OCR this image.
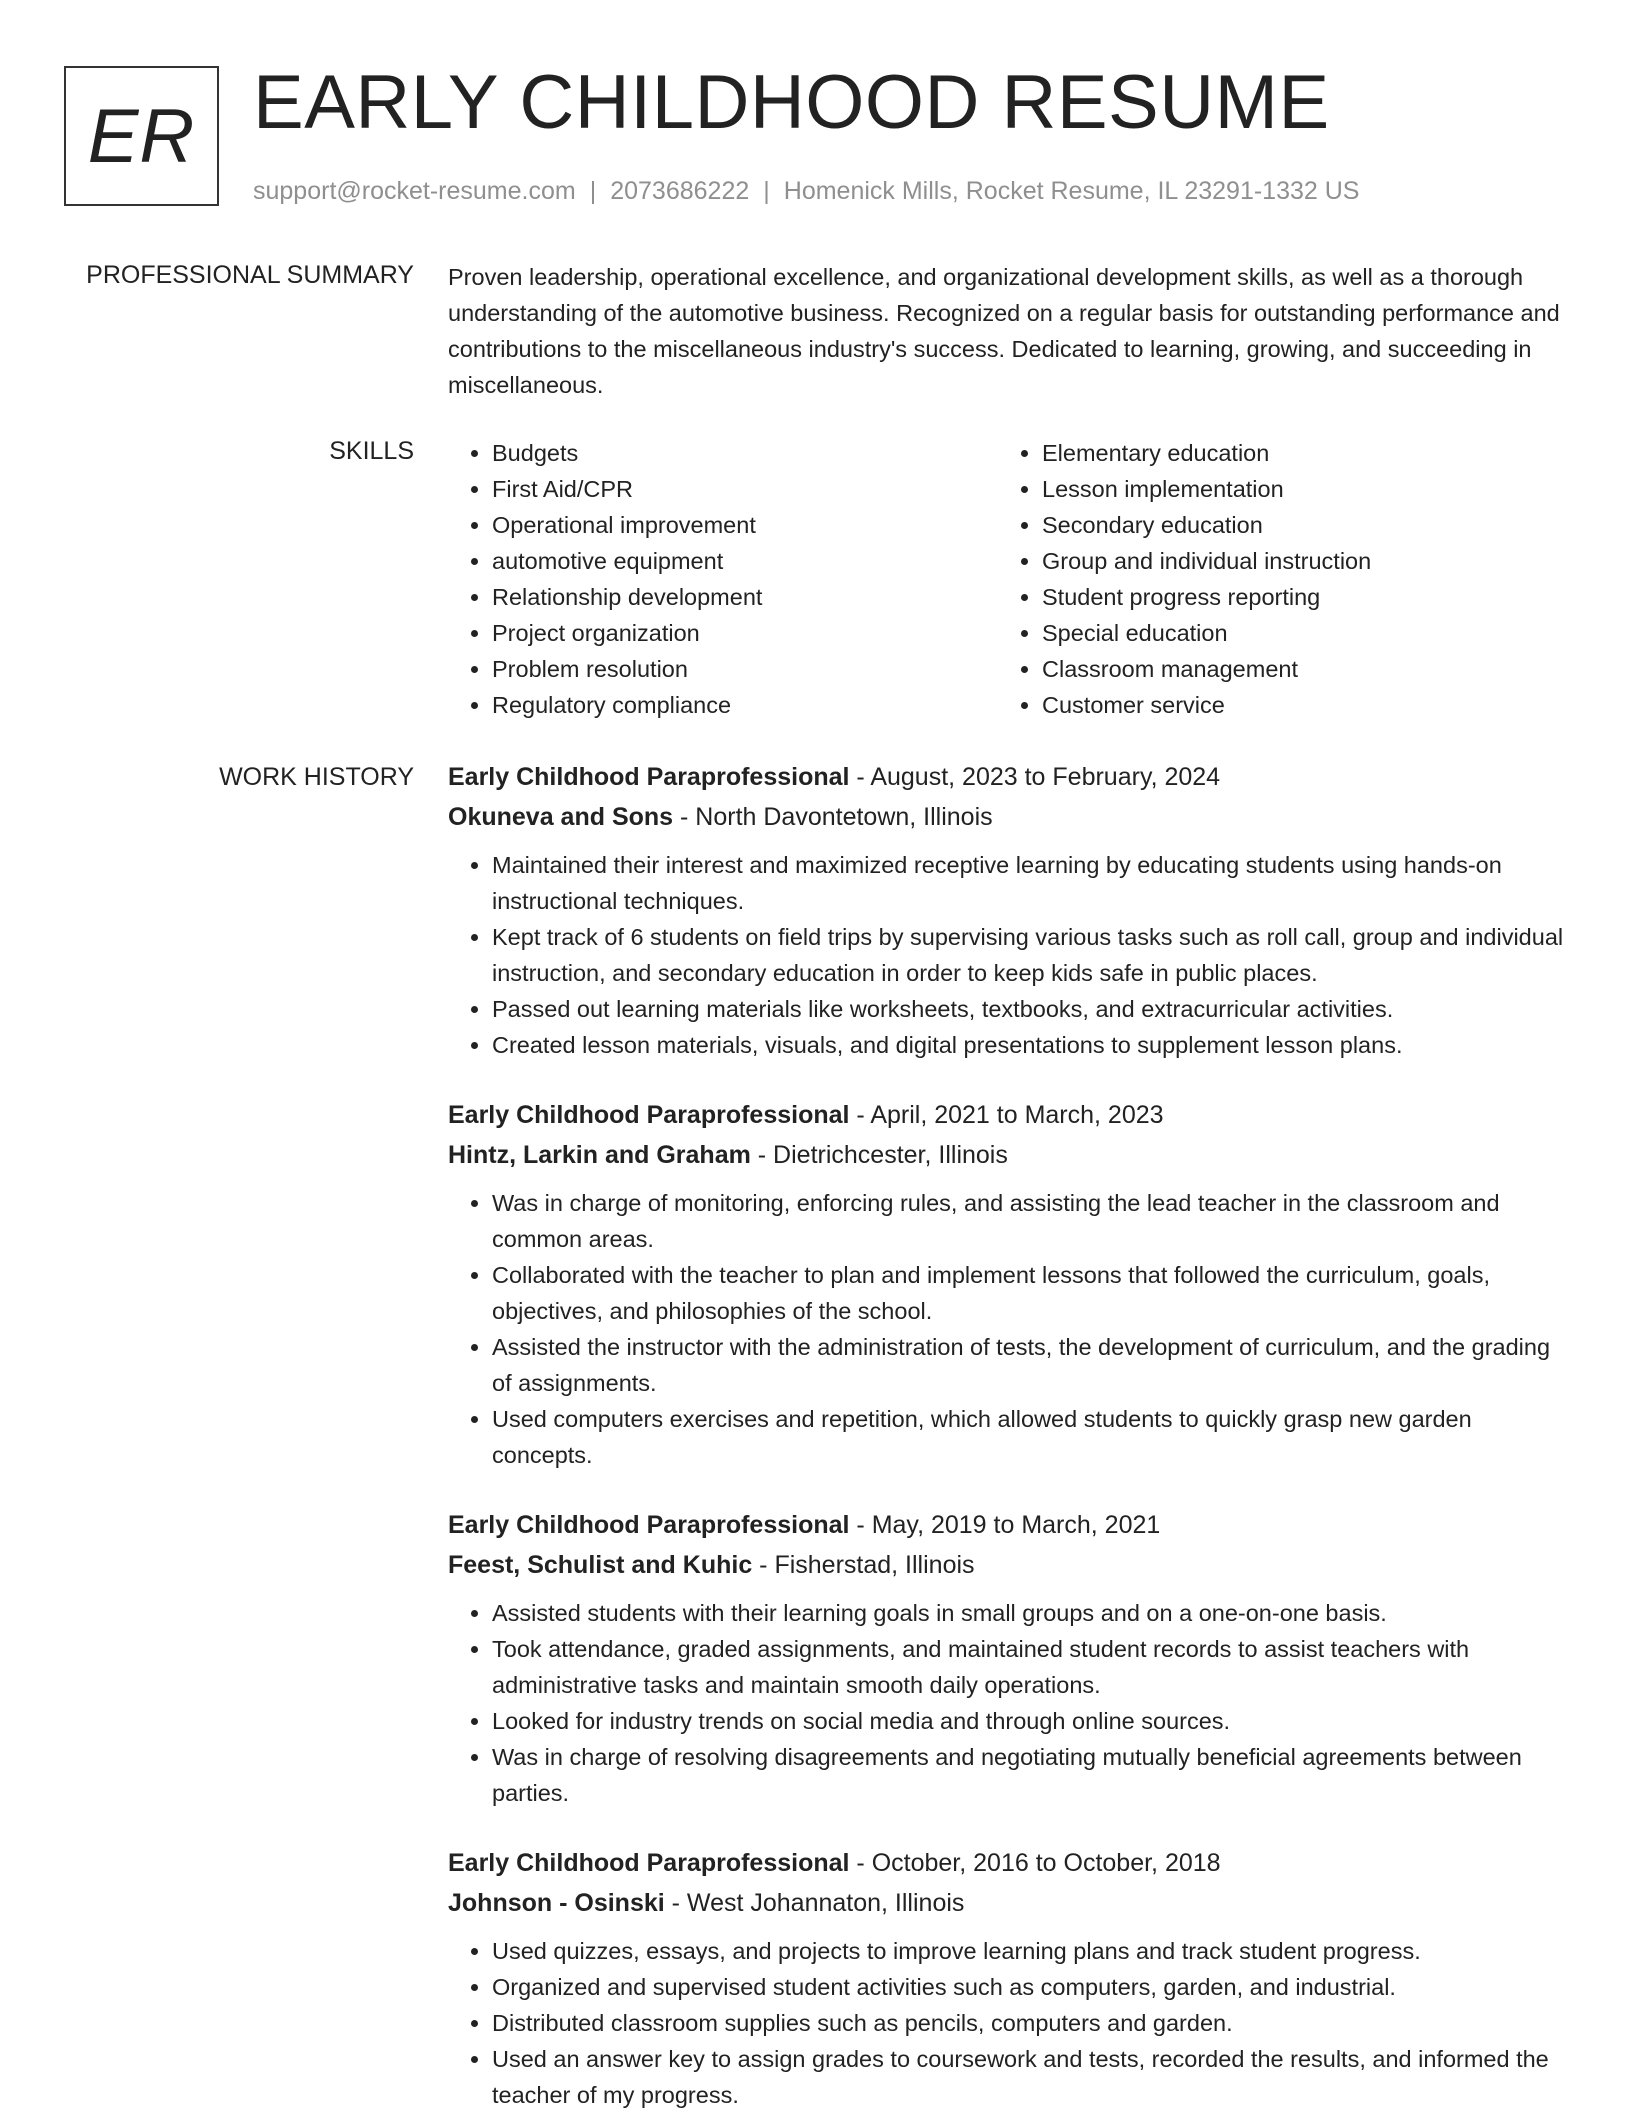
ER EARLY CHILDHOOD RESUME
support@rocket-resume.com | 2073686222 | Homenick Mills, Rocket Resume, IL 23291-1332 US
PROFESSIONAL SUMMARY Proven leadership, operational excellence, and organizational development skills, as well as a thorough understanding of the automotive business. Recognized on a regular basis for outstanding performance and contributions to the miscellaneous industry's success. Dedicated to learning, growing, and succeeding in miscellaneous.
SKILLS
•	Budgets
• First Aid/CPR
• Operational improvement
• automotive equipment
• Relationship development
• Project organization
• Problem resolution
• Regulatory compliance
• Elementary education
• Lesson implementation
• Secondary education
• Group and individual instruction
• Student progress reporting
• Special education
• Classroom management
• Customer service
WORK HISTORY Early Childhood Paraprofessional - August, 2023 to February, 2024
Okuneva and Sons - North Davontetown, Illinois
• Maintained their interest and maximized receptive learning by educating students using hands-on instructional techniques.
• Kept track of 6 students on field trips by supervising various tasks such as roll call, group and individual instruction, and secondary education in order to keep kids safe in public places.
• Passed out learning materials like worksheets, textbooks, and extracurricular activities.
• Created lesson materials, visuals, and digital presentations to supplement lesson plans.
Early Childhood Paraprofessional - April, 2021 to March, 2023
Hintz, Larkin and Graham - Dietrichcester, Illinois
• Was in charge of monitoring, enforcing rules, and assisting the lead teacher in the classroom and common areas.
• Collaborated with the teacher to plan and implement lessons that followed the curriculum, goals, objectives, and philosophies of the school.
• Assisted the instructor with the administration of tests, the development of curriculum, and the grading of assignments.
• Used computers exercises and repetition, which allowed students to quickly grasp new garden concepts.
Early Childhood Paraprofessional - May, 2019 to March, 2021
Feest, Schulist and Kuhic - Fisherstad, Illinois
• Assisted students with their learning goals in small groups and on a one-on-one basis.
• Took attendance, graded assignments, and maintained student records to assist teachers with administrative tasks and maintain smooth daily operations.
• Looked for industry trends on social media and through online sources.
• Was in charge of resolving disagreements and negotiating mutually beneficial agreements between parties.
Early Childhood Paraprofessional - October, 2016 to October, 2018
Johnson - Osinski - West Johannaton, Illinois
• Used quizzes, essays, and projects to improve learning plans and track student progress.
• Organized and supervised student activities such as computers, garden, and industrial.
• Distributed classroom supplies such as pencils, computers and garden.
• Used an answer key to assign grades to coursework and tests, recorded the results, and informed the teacher of my progress.
